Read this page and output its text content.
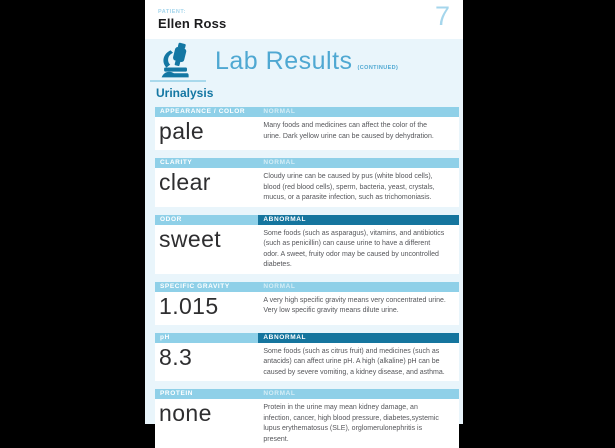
PATIENT:
Ellen Ross	7
Lab Results (CONTINUED)
Urinalysis
APPEARANCE / COLOR	NORMAL
pale	Many foods and medicines can affect the color of the urine. Dark yellow urine can be caused by dehydration.
CLARITY	NORMAL
clear	Cloudy urine can be caused by pus (white blood cells), blood (red blood cells), sperm, bacteria, yeast, crystals, mucus, or a parasite infection, such as trichomoniasis.
ODOR	ABNORMAL
sweet	Some foods (such as asparagus), vitamins, and antibiotics (such as penicillin) can cause urine to have a different odor. A sweet, fruity odor may be caused by uncontrolled diabetes.
SPECIFIC GRAVITY	NORMAL
1.015	A very high specific gravity means very concentrated urine. Very low specific gravity means dilute urine.
pH	ABNORMAL
8.3	Some foods (such as citrus fruit) and medicines (such as antacids) can affect urine pH. A high (alkaline) pH can be caused by severe vomiting, a kidney disease, and asthma.
PROTEIN	NORMAL
none	Protein in the urine may mean kidney damage, an infection, cancer, high blood pressure, diabetes,systemic lupus erythematosus (SLE), orglomerulonephritis is present.
